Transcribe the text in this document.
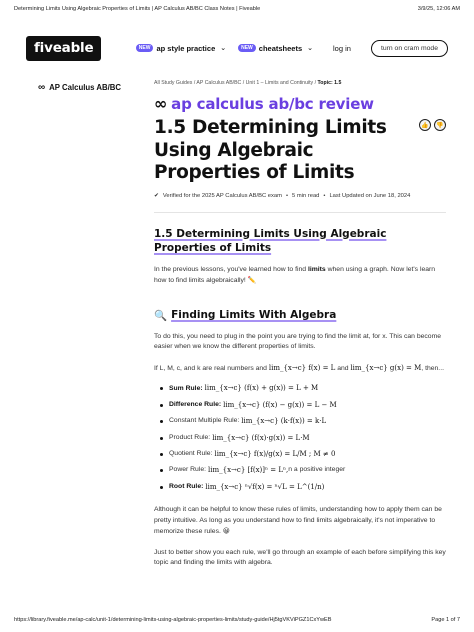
Determining Limits Using Algebraic Properties of Limits | AP Calculus AB/BC Class Notes | Fiveable	3/9/25, 12:06 AM
fiveable	NEW ap style practice ⌄	NEW cheatsheets ⌄	log in	turn on cram mode
∞ AP Calculus AB/BC	All Study Guides / AP Calculus AB/BC / Unit 1 – Limits and Continuity / Topic: 1.5
∞ ap calculus ab/bc review
1.5 Determining Limits Using Algebraic Properties of Limits
👍	👎
✔ Verified for the 2025 AP Calculus AB/BC exam • 5 min read • Last Updated on June 18, 2024
1.5 Determining Limits Using Algebraic Properties of Limits

In the previous lessons, you've learned how to find limits when using a graph. Now let's learn how to find limits algebraically! ✏️

🔍 Finding Limits With Algebra

To do this, you need to plug in the point you are trying to find the limit at, for x. This can become easier when we know the different properties of limits.

If L, M, c, and k are real numbers and lim_{x→c} f(x) = L and lim_{x→c} g(x) = M, then...

Sum Rule: lim_{x→c} (f(x) + g(x)) = L + M
Difference Rule: lim_{x→c} (f(x) − g(x)) = L − M
Constant Multiple Rule: lim_{x→c} (k·f(x)) = k·L
Product Rule: lim_{x→c} (f(x)·g(x)) = L·M
Quotient Rule: lim_{x→c} f(x)/g(x) = L/M ; M ≠ 0
Power Rule: lim_{x→c} [f(x)]ⁿ = Lⁿ, n a positive integer
Root Rule: lim_{x→c} ⁿ√f(x) = ⁿ√L = L^(1/n)

Although it can be helpful to know these rules of limits, understanding how to apply them can be pretty intuitive. As long as you understand how to find limits algebraically, it's not imperative to memorize these rules. 😀

Just to better show you each rule, we'll go through an example of each before simplifying this key topic and finding the limits with algebra.

https://library.fiveable.me/ap-calc/unit-1/determining-limits-using-algebraic-properties-limits/study-guide/Hj5tgVKViPGZ1CxYwEB	Page 1 of 7
